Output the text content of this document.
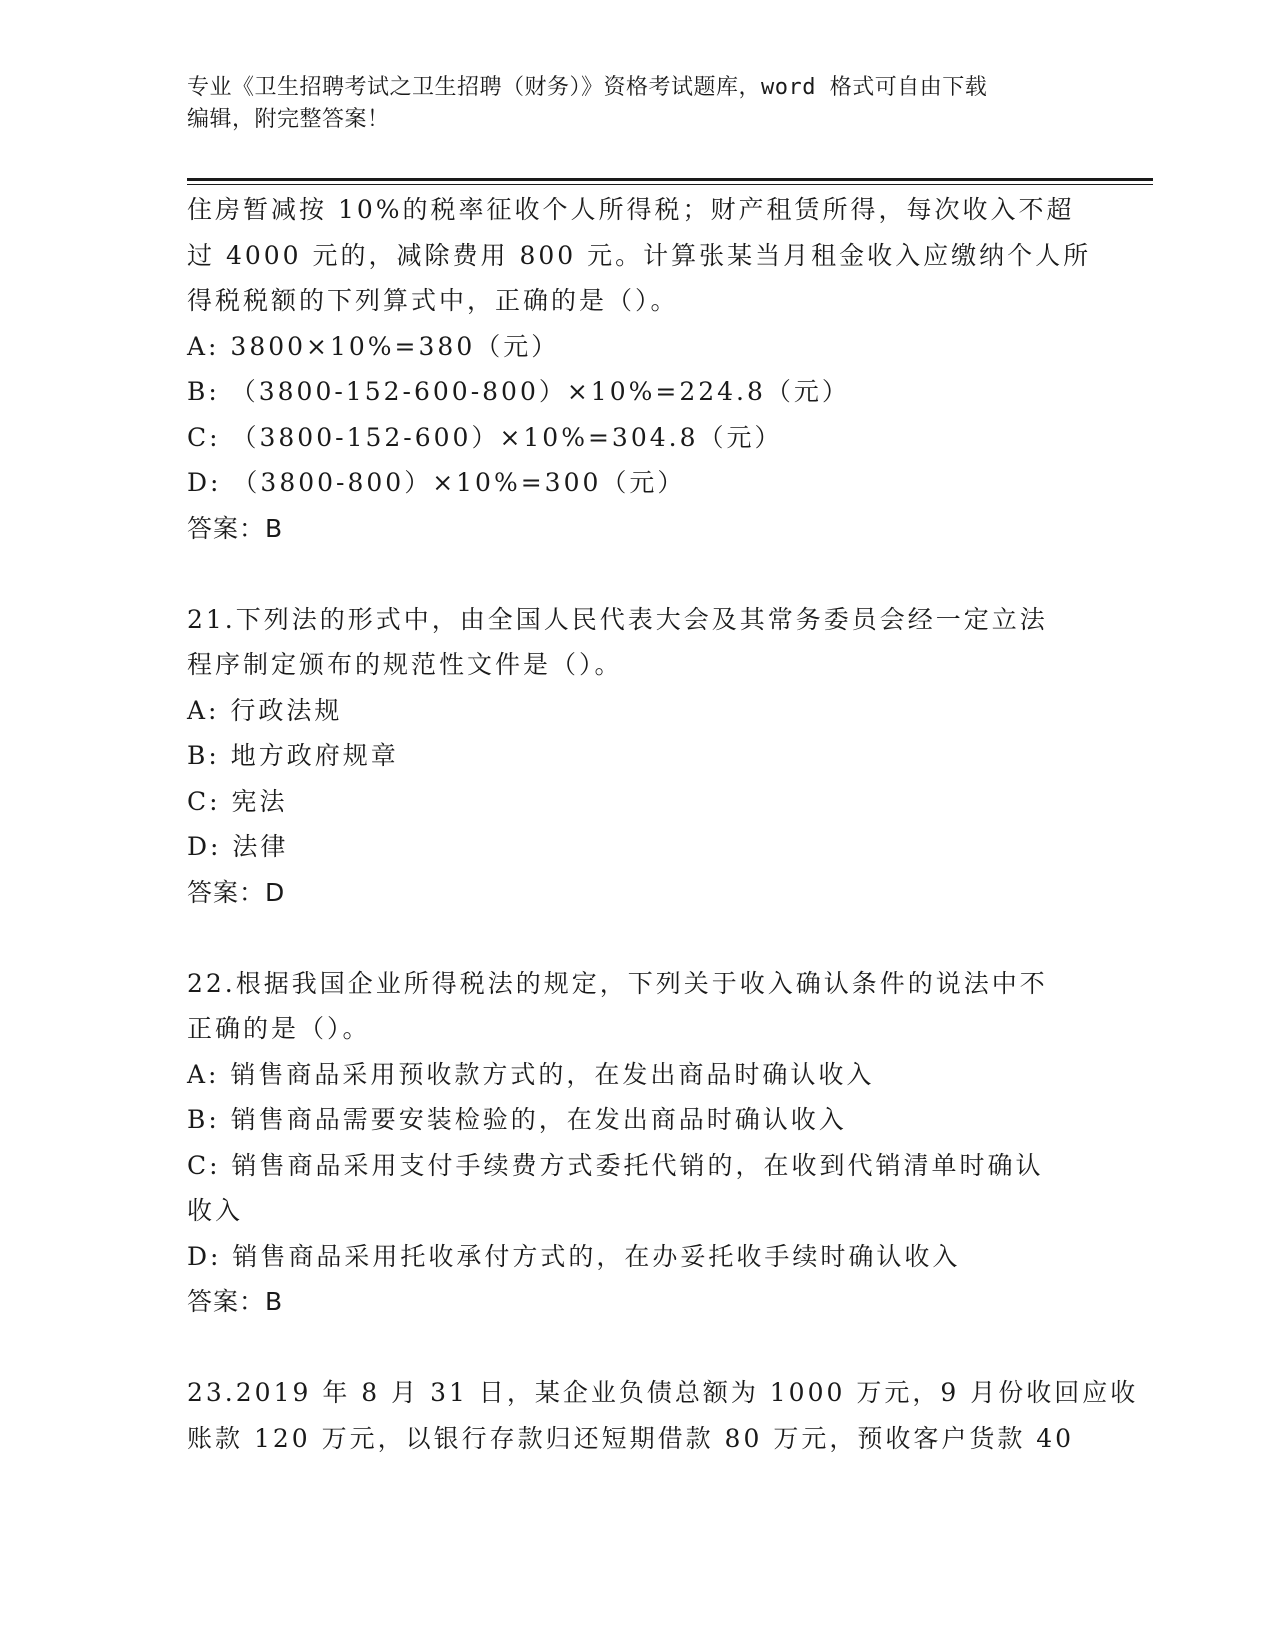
专业《卫生招聘考试之卫生招聘（财务）》资格考试题库，word 格式可自由下载
编辑，附完整答案！
住房暂减按 10%的税率征收个人所得税；财产租赁所得，每次收入不超
过 4000 元的，减除费用 800 元。计算张某当月租金收入应缴纳个人所
得税税额的下列算式中，正确的是（）。
A: 3800×10%=380（元）
B: （3800-152-600-800）×10%=224.8（元）
C: （3800-152-600）×10%=304.8（元）
D: （3800-800）×10%=300（元）
答案：B
21.下列法的形式中，由全国人民代表大会及其常务委员会经一定立法
程序制定颁布的规范性文件是（）。
A: 行政法规
B: 地方政府规章
C: 宪法
D: 法律
答案：D
22.根据我国企业所得税法的规定，下列关于收入确认条件的说法中不
正确的是（）。
A: 销售商品采用预收款方式的，在发出商品时确认收入
B: 销售商品需要安装检验的，在发出商品时确认收入
C: 销售商品采用支付手续费方式委托代销的，在收到代销清单时确认
收入
D: 销售商品采用托收承付方式的，在办妥托收手续时确认收入
答案：B
23.2019 年 8 月 31 日，某企业负债总额为 1000 万元，9 月份收回应收
账款 120 万元，以银行存款归还短期借款 80 万元，预收客户货款 40
